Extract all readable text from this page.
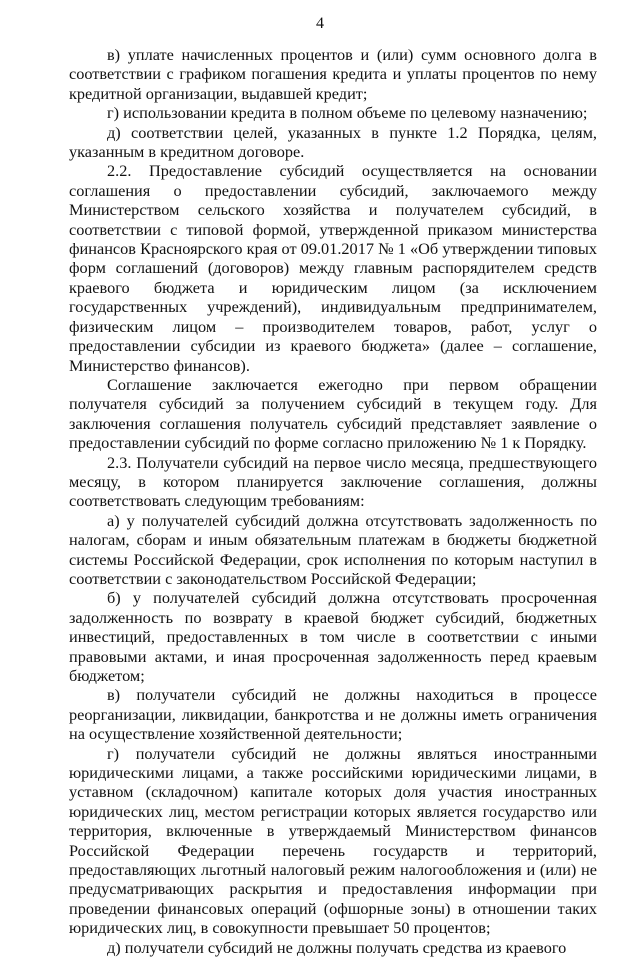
4

в) уплате начисленных процентов и (или) сумм основного долга в соответствии с графиком погашения кредита и уплаты процентов по нему кредитной организации, выдавшей кредит;

г) использовании кредита в полном объеме по целевому назначению;

д) соответствии целей, указанных в пункте 1.2 Порядка, целям, указанным в кредитном договоре.

2.2. Предоставление субсидий осуществляется на основании соглашения о предоставлении субсидий, заключаемого между Министерством сельского хозяйства и получателем субсидий, в соответствии с типовой формой, утвержденной приказом министерства финансов Красноярского края от 09.01.2017 № 1 «Об утверждении типовых форм соглашений (договоров) между главным распорядителем средств краевого бюджета и юридическим лицом (за исключением государственных учреждений), индивидуальным предпринимателем, физическим лицом – производителем товаров, работ, услуг о предоставлении субсидии из краевого бюджета» (далее – соглашение, Министерство финансов).

Соглашение заключается ежегодно при первом обращении получателя субсидий за получением субсидий в текущем году. Для заключения соглашения получатель субсидий представляет заявление о предоставлении субсидий по форме согласно приложению № 1 к Порядку.

2.3. Получатели субсидий на первое число месяца, предшествующего месяцу, в котором планируется заключение соглашения, должны соответствовать следующим требованиям:

а) у получателей субсидий должна отсутствовать задолженность по налогам, сборам и иным обязательным платежам в бюджеты бюджетной системы Российской Федерации, срок исполнения по которым наступил в соответствии с законодательством Российской Федерации;

б) у получателей субсидий должна отсутствовать просроченная задолженность по возврату в краевой бюджет субсидий, бюджетных инвестиций, предоставленных в том числе в соответствии с иными правовыми актами, и иная просроченная задолженность перед краевым бюджетом;

в) получатели субсидий не должны находиться в процессе реорганизации, ликвидации, банкротства и не должны иметь ограничения на осуществление хозяйственной деятельности;

г) получатели субсидий не должны являться иностранными юридическими лицами, а также российскими юридическими лицами, в уставном (складочном) капитале которых доля участия иностранных юридических лиц, местом регистрации которых является государство или территория, включенные в утверждаемый Министерством финансов Российской Федерации перечень государств и территорий, предоставляющих льготный налоговый режим налогообложения и (или) не предусматривающих раскрытия и предоставления информации при проведении финансовых операций (офшорные зоны) в отношении таких юридических лиц, в совокупности превышает 50 процентов;

д) получатели субсидий не должны получать средства из краевого
